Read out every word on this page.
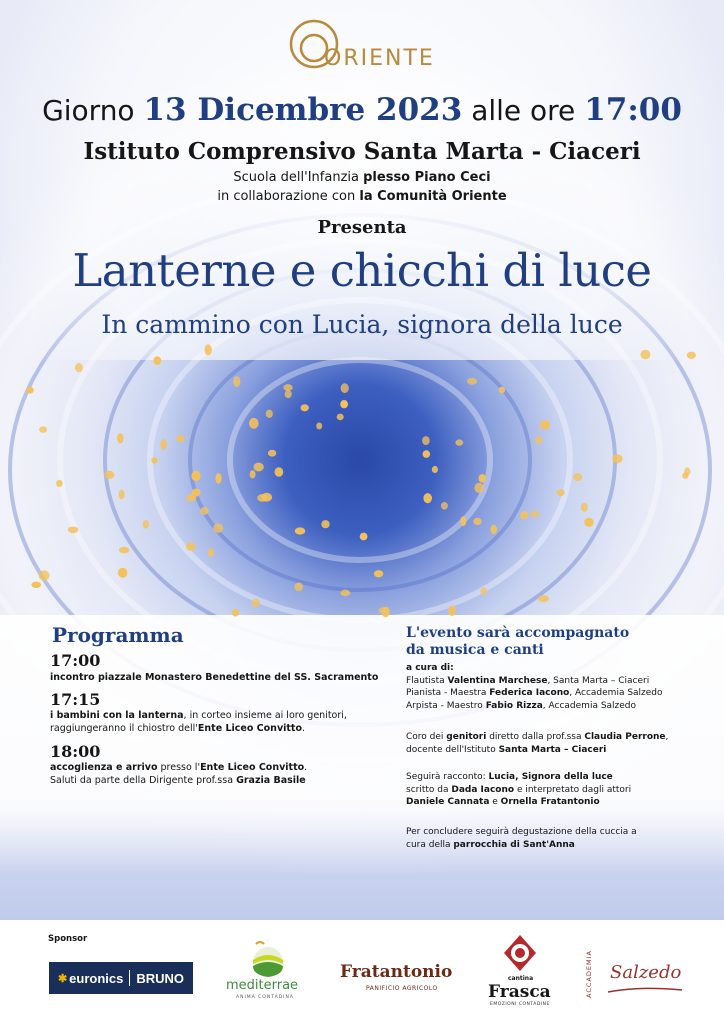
ORIENTE
Giorno 13 Dicembre 2023 alle ore 17:00
Istituto Comprensivo Santa Marta - Ciaceri
Scuola dell'Infanzia plesso Piano Ceci
in collaborazione con la Comunità Oriente
Presenta
Lanterne e chicchi di luce
In cammino con Lucia, signora della luce
Programma
17:00
incontro piazzale Monastero Benedettine del SS. Sacramento
17:15
i bambini con la lanterna, in corteo insieme ai loro genitori,
raggiungeranno il chiostro dell'Ente Liceo Convitto.
18:00
accoglienza e arrivo presso l'Ente Liceo Convitto.
Saluti da parte della Dirigente prof.ssa Grazia Basile
L'evento sarà accompagnato
da musica e canti
a cura di:
Flautista Valentina Marchese, Santa Marta – Ciaceri
Pianista - Maestra Federica Iacono, Accademia Salzedo
Arpista - Maestro Fabio Rizza, Accademia Salzedo
Coro dei genitori diretto dalla prof.ssa Claudia Perrone,
docente dell'Istituto Santa Marta – Ciaceri
Seguirà racconto: Lucia, Signora della luce
scritto da Dada Iacono e interpretato dagli attori
Daniele Cannata e Ornella Fratantonio
Per concludere seguirà degustazione della cuccia a
cura della parrocchia di Sant'Anna
Sponsor
✱ euronics BRUNO	mediterrae
ANIMA CONTADINA
Fratantonio
PANIFICIO AGRICOLO
cantina
Frasca
EMOZIONI CONTADINE
ACCADEMIA Salzedo
